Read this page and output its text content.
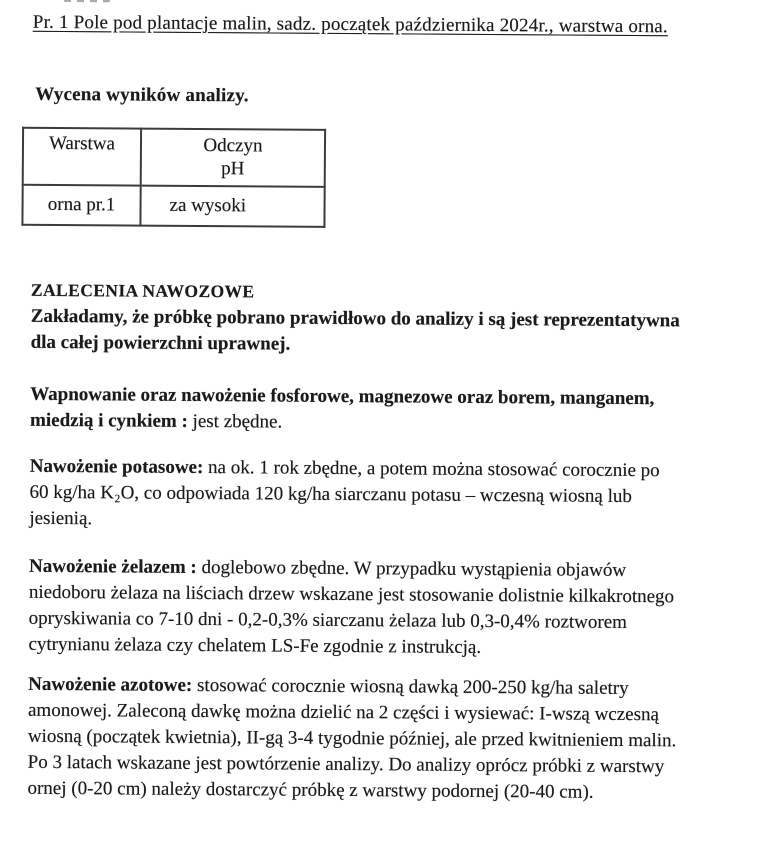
Pr. 1 Pole pod plantacje malin, sadz. początek października 2024r., warstwa orna.
Wycena wyników analizy.
Warstwa	Odczyn
pH
orna pr.1	za wysoki
ZALECENIA NAWOZOWE

Zakładamy, że próbkę pobrano prawidłowo do analizy i są jest reprezentatywna
dla całej powierzchni uprawnej.

Wapnowanie oraz nawożenie fosforowe, magnezowe oraz borem, manganem,
miedzią i cynkiem : jest zbędne.

Nawożenie potasowe: na ok. 1 rok zbędne, a potem można stosować corocznie po
60 kg/ha K₂O, co odpowiada 120 kg/ha siarczanu potasu – wczesną wiosną lub
jesienią.

Nawożenie żelazem : doglebowo zbędne. W przypadku wystąpienia objawów
niedoboru żelaza na liściach drzew wskazane jest stosowanie dolistnie kilkakrotnego
opryskiwania co 7-10 dni - 0,2-0,3% siarczanu żelaza lub 0,3-0,4% roztworem
cytrynianu żelaza czy chelatem LS-Fe zgodnie z instrukcją.

Nawożenie azotowe: stosować corocznie wiosną dawką 200-250 kg/ha saletry
amonowej. Zaleconą dawkę można dzielić na 2 części i wysiewać: I-wszą wczesną
wiosną (początek kwietnia), II-gą 3-4 tygodnie później, ale przed kwitnieniem malin.
Po 3 latach wskazane jest powtórzenie analizy. Do analizy oprócz próbki z warstwy
ornej (0-20 cm) należy dostarczyć próbkę z warstwy podornej (20-40 cm).
